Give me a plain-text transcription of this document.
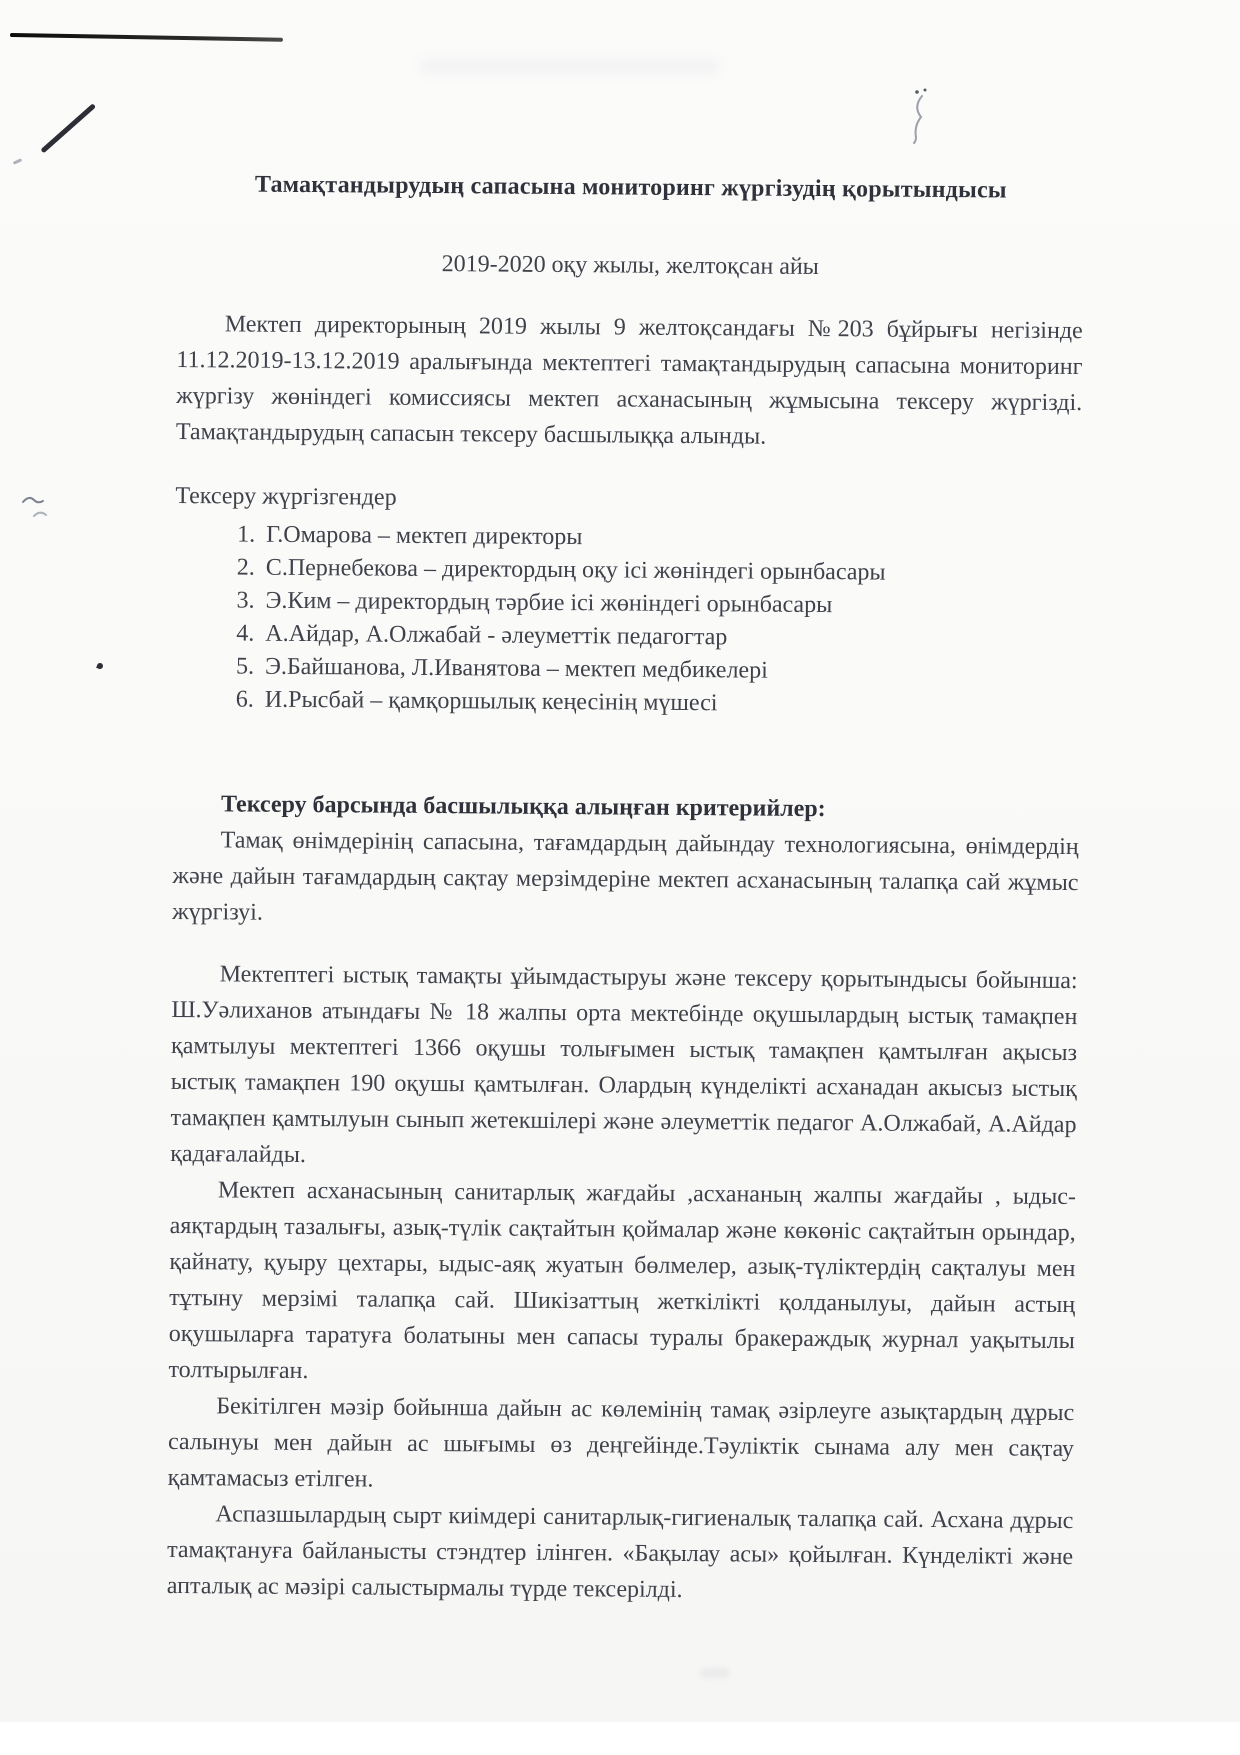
Тамақтандырудың сапасына мониторинг жүргізудің қорытындысы

2019-2020 оқу жылы, желтоқсан айы

Мектеп директорының 2019 жылы 9 желтоқсандағы №203 бұйрығы негізінде 11.12.2019-13.12.2019 аралығында мектептегі тамақтандырудың сапасына мониторинг жүргізу жөніндегі комиссиясы мектеп асханасының жұмысына тексеру жүргізді. Тамақтандырудың сапасын тексеру басшылыққа алынды.

Тексеру жүргізгендер

1. Г.Омарова – мектеп директоры
2. С.Пернебекова – директордың оқу ісі жөніндегі орынбасары
3. Э.Ким – директордың тәрбие ісі жөніндегі орынбасары
4. А.Айдар, А.Олжабай - әлеуметтік педагогтар
5. Э.Байшанова, Л.Иванятова – мектеп медбикелері
6. И.Рысбай – қамқоршылық кеңесінің мүшесі

Тексеру барсында басшылыққа алыңған критерийлер:

Тамақ өнімдерінің сапасына, тағамдардың дайындау технологиясына, өнімдердің және дайын тағамдардың сақтау мерзімдеріне мектеп асханасының талапқа сай жұмыс жүргізуі.

Мектептегі ыстық тамақты ұйымдастыруы және тексеру қорытындысы бойынша: Ш.Уәлиханов атындағы № 18 жалпы орта мектебінде оқушылардың ыстық тамақпен қамтылуы мектептегі 1366 оқушы толығымен ыстық тамақпен қамтылған ақысыз ыстық тамақпен 190 оқушы қамтылған. Олардың күнделікті асханадан акысыз ыстық тамақпен қамтылуын сынып жетекшілері және әлеуметтік педагог А.Олжабай, А.Айдар қадағалайды.

Мектеп асханасының санитарлық жағдайы ,асхананың жалпы жағдайы , ыдыс-аяқтардың тазалығы, азық-түлік сақтайтын қоймалар және көкөніс сақтайтын орындар, қайнату, қуыру цехтары, ыдыс-аяқ жуатын бөлмелер, азық-түліктердің сақталуы мен тұтыну мерзімі талапқа сай. Шикізаттың жеткілікті қолданылуы, дайын астың оқушыларға таратуға болатыны мен сапасы туралы бракераждық журнал уақытылы толтырылған.

Бекітілген мәзір бойынша дайын ас көлемінің тамақ әзірлеуге азықтардың дұрыс салынуы мен дайын ас шығымы өз деңгейінде.Тәуліктік сынама алу мен сақтау қамтамасыз етілген.

Аспазшылардың сырт киімдері санитарлық-гигиеналық талапқа сай. Асхана дұрыс тамақтануға байланысты стэндтер ілінген. «Бақылау асы» қойылған. Күнделікті және апталық ас мәзірі салыстырмалы түрде тексерілді.
